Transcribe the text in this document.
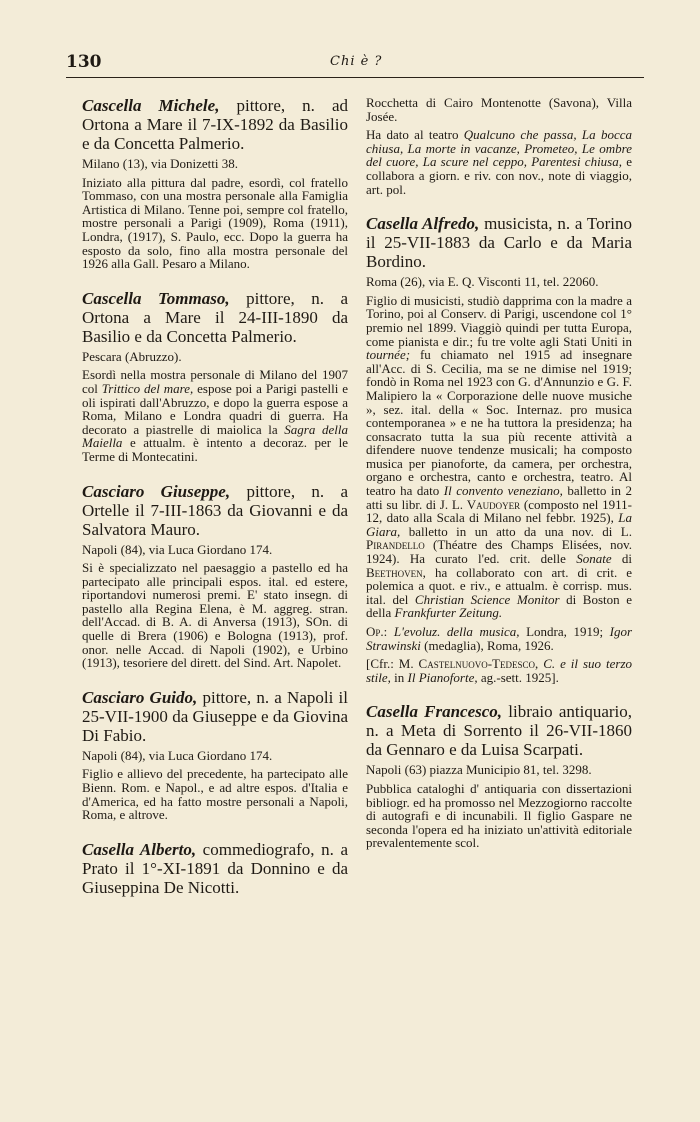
130	Chi è ?

Cascella Michele, pittore, n. ad Ortona a Mare il 7-IX-1892 da Basilio e da Concetta Palmerio.

Milano (13), via Donizetti 38.

Iniziato alla pittura dal padre, esordì, col fratello Tommaso, con una mostra personale alla Famiglia Artistica di Milano. Tenne poi, sempre col fratello, mostre personali a Parigi (1909), Roma (1911), Londra, (1917), S. Paulo, ecc. Dopo la guerra ha esposto da solo, fino alla mostra personale del 1926 alla Gall. Pesaro a Milano.

Cascella Tommaso, pittore, n. a Ortona a Mare il 24-III-1890 da Basilio e da Concetta Palmerio.

Pescara (Abruzzo).

Esordì nella mostra personale di Milano del 1907 col Trittico del mare, espose poi a Parigi pastelli e oli ispirati dall'Abruzzo, e dopo la guerra espose a Roma, Milano e Londra quadri di guerra. Ha decorato a piastrelle di maiolica la Sagra della Maiella e attualm. è intento a decoraz. per le Terme di Montecatini.

Casciaro Giuseppe, pittore, n. a Ortelle il 7-III-1863 da Giovanni e da Salvatora Mauro.

Napoli (84), via Luca Giordano 174.

Si è specializzato nel paesaggio a pastello ed ha partecipato alle principali espos. ital. ed estere, riportandovi numerosi premi. E' stato insegn. di pastello alla Regina Elena, è M. aggreg. stran. dell'Accad. di B. A. di Anversa (1913), SOn. di quelle di Brera (1906) e Bologna (1913), prof. onor. nelle Accad. di Napoli (1902), e Urbino (1913), tesoriere del dirett. del Sind. Art. Napolet.

Casciaro Guido, pittore, n. a Napoli il 25-VII-1900 da Giuseppe e da Giovina Di Fabio.

Napoli (84), via Luca Giordano 174.

Figlio e allievo del precedente, ha partecipato alle Bienn. Rom. e Napol., e ad altre espos. d'Italia e d'America, ed ha fatto mostre personali a Napoli, Roma, e altrove.

Casella Alberto, commediografo, n. a Prato il 1°-XI-1891 da Donnino e da Giuseppina De Nicotti.

Rocchetta di Cairo Montenotte (Savona), Villa Josée.

Ha dato al teatro Qualcuno che passa, La bocca chiusa, La morte in vacanze, Prometeo, Le ombre del cuore, La scure nel ceppo, Parentesi chiusa, e collabora a giorn. e riv. con nov., note di viaggio, art. pol.

Casella Alfredo, musicista, n. a Torino il 25-VII-1883 da Carlo e da Maria Bordino.

Roma (26), via E. Q. Visconti 11, tel. 22060.

Figlio di musicisti, studiò dapprima con la madre a Torino, poi al Conserv. di Parigi, uscendone col 1° premio nel 1899. Viaggiò quindi per tutta Europa, come pianista e dir.; fu tre volte agli Stati Uniti in tournée; fu chiamato nel 1915 ad insegnare all'Acc. di S. Cecilia, ma se ne dimise nel 1919; fondò in Roma nel 1923 con G. d'Annunzio e G. F. Malipiero la « Corporazione delle nuove musiche », sez. ital. della « Soc. Internaz. pro musica contemporanea » e ne ha tuttora la presidenza; ha consacrato tutta la sua più recente attività a difendere nuove tendenze musicali; ha composto musica per pianoforte, da camera, per orchestra, organo e orchestra, canto e orchestra, teatro. Al teatro ha dato Il convento veneziano, balletto in 2 atti su libr. di J. L. Vaudoyer (composto nel 1911-12, dato alla Scala di Milano nel febbr. 1925), La Giara, balletto in un atto da una nov. di L. Pirandello (Théatre des Champs Elisées, nov. 1924). Ha curato l'ed. crit. delle Sonate di Beethoven, ha collaborato con art. di crit. e polemica a quot. e riv., e attualm. è corrisp. mus. ital. del Christian Science Monitor di Boston e della Frankfurter Zeitung.

Op.: L'evoluz. della musica, Londra, 1919; Igor Strawinski (medaglia), Roma, 1926.

[Cfr.: M. Castelnuovo-Tedesco, C. e il suo terzo stile, in Il Pianoforte, ag.-sett. 1925].

Casella Francesco, libraio antiquario, n. a Meta di Sorrento il 26-VII-1860 da Gennaro e da Luisa Scarpati.

Napoli (63) piazza Municipio 81, tel. 3298.

Pubblica cataloghi d' antiquaria con dissertazioni bibliogr. ed ha promosso nel Mezzogiorno raccolte di autografi e di incunabili. Il figlio Gaspare ne seconda l'opera ed ha iniziato un'attività editoriale prevalentemente scol.
